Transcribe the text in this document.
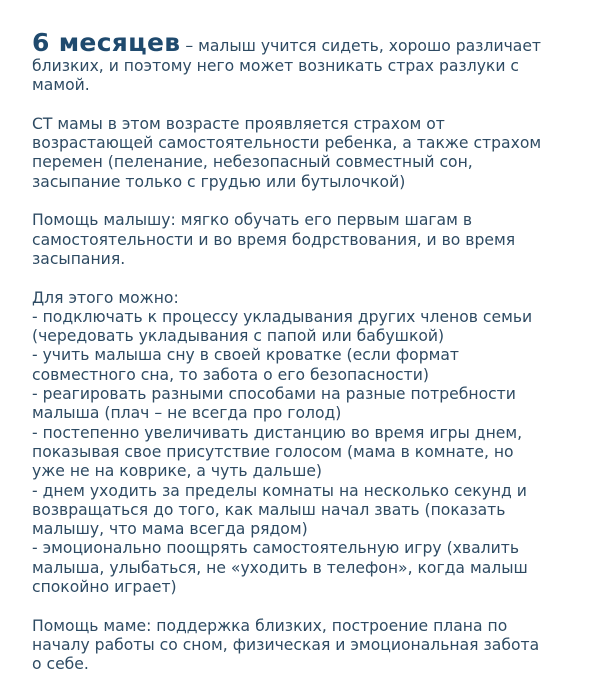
6 месяцев – малыш учится сидеть, хорошо различает
близких, и поэтому него может возникать страх разлуки с
мамой.
СТ мамы в этом возрасте проявляется страхом от
возрастающей самостоятельности ребенка, а также страхом
перемен (пеленание, небезопасный совместный сон,
засыпание только с грудью или бутылочкой)
Помощь малышу: мягко обучать его первым шагам в
самостоятельности и во время бодрствования, и во время
засыпания.
Для этого можно:
- подключать к процессу укладывания других членов семьи
(чередовать укладывания с папой или бабушкой)
- учить малыша сну в своей кроватке (если формат
совместного сна, то забота о его безопасности)
- реагировать разными способами на разные потребности
малыша (плач – не всегда про голод)
- постепенно увеличивать дистанцию во время игры днем,
показывая свое присутствие голосом (мама в комнате, но
уже не на коврике, а чуть дальше)
- днем уходить за пределы комнаты на несколько секунд и
возвращаться до того, как малыш начал звать (показать
малышу, что мама всегда рядом)
- эмоционально поощрять самостоятельную игру (хвалить
малыша, улыбаться, не «уходить в телефон», когда малыш
спокойно играет)
Помощь маме: поддержка близких, построение плана по
началу работы со сном, физическая и эмоциональная забота
о себе.
